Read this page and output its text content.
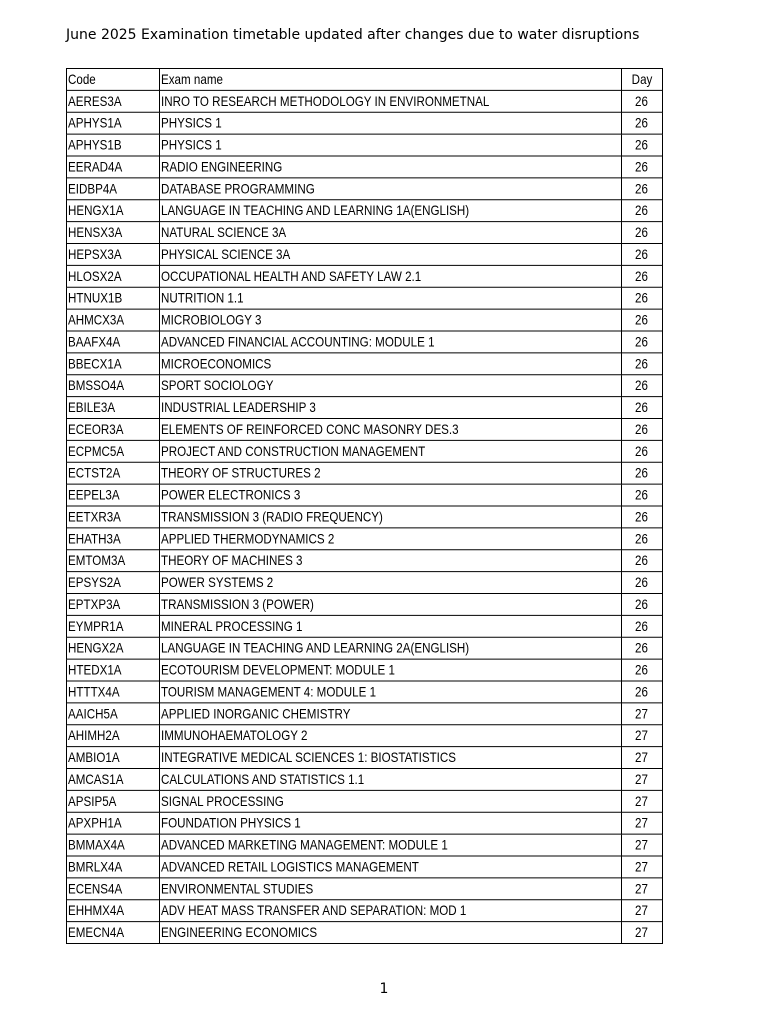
June 2025 Examination timetable updated after changes due to water disruptions
Code	Exam name	Day
AERES3A	INRO TO RESEARCH METHODOLOGY IN ENVIRONMETNAL	26
APHYS1A	PHYSICS 1	26
APHYS1B	PHYSICS 1	26
EERAD4A	RADIO ENGINEERING	26
EIDBP4A	DATABASE PROGRAMMING	26
HENGX1A	LANGUAGE IN TEACHING AND LEARNING 1A(ENGLISH)	26
HENSX3A	NATURAL SCIENCE 3A	26
HEPSX3A	PHYSICAL SCIENCE 3A	26
HLOSX2A	OCCUPATIONAL HEALTH AND SAFETY LAW 2.1	26
HTNUX1B	NUTRITION 1.1	26
AHMCX3A	MICROBIOLOGY 3	26
BAAFX4A	ADVANCED FINANCIAL ACCOUNTING: MODULE 1	26
BBECX1A	MICROECONOMICS	26
BMSSO4A	SPORT SOCIOLOGY	26
EBILE3A	INDUSTRIAL LEADERSHIP 3	26
ECEOR3A	ELEMENTS OF REINFORCED CONC MASONRY DES.3	26
ECPMC5A	PROJECT AND CONSTRUCTION MANAGEMENT	26
ECTST2A	THEORY OF STRUCTURES 2	26
EEPEL3A	POWER ELECTRONICS 3	26
EETXR3A	TRANSMISSION 3 (RADIO FREQUENCY)	26
EHATH3A	APPLIED THERMODYNAMICS 2	26
EMTOM3A	THEORY OF MACHINES 3	26
EPSYS2A	POWER SYSTEMS 2	26
EPTXP3A	TRANSMISSION 3 (POWER)	26
EYMPR1A	MINERAL PROCESSING 1	26
HENGX2A	LANGUAGE IN TEACHING AND LEARNING 2A(ENGLISH)	26
HTEDX1A	ECOTOURISM DEVELOPMENT: MODULE 1	26
HTTTX4A	TOURISM MANAGEMENT 4: MODULE 1	26
AAICH5A	APPLIED INORGANIC CHEMISTRY	27
AHIMH2A	IMMUNOHAEMATOLOGY 2	27
AMBIO1A	INTEGRATIVE MEDICAL SCIENCES 1: BIOSTATISTICS	27
AMCAS1A	CALCULATIONS AND STATISTICS 1.1	27
APSIP5A	SIGNAL PROCESSING	27
APXPH1A	FOUNDATION PHYSICS 1	27
BMMAX4A	ADVANCED MARKETING MANAGEMENT: MODULE 1	27
BMRLX4A	ADVANCED RETAIL LOGISTICS MANAGEMENT	27
ECENS4A	ENVIRONMENTAL STUDIES	27
EHHMX4A	ADV HEAT MASS TRANSFER AND SEPARATION: MOD 1	27
EMECN4A	ENGINEERING ECONOMICS	27
1
